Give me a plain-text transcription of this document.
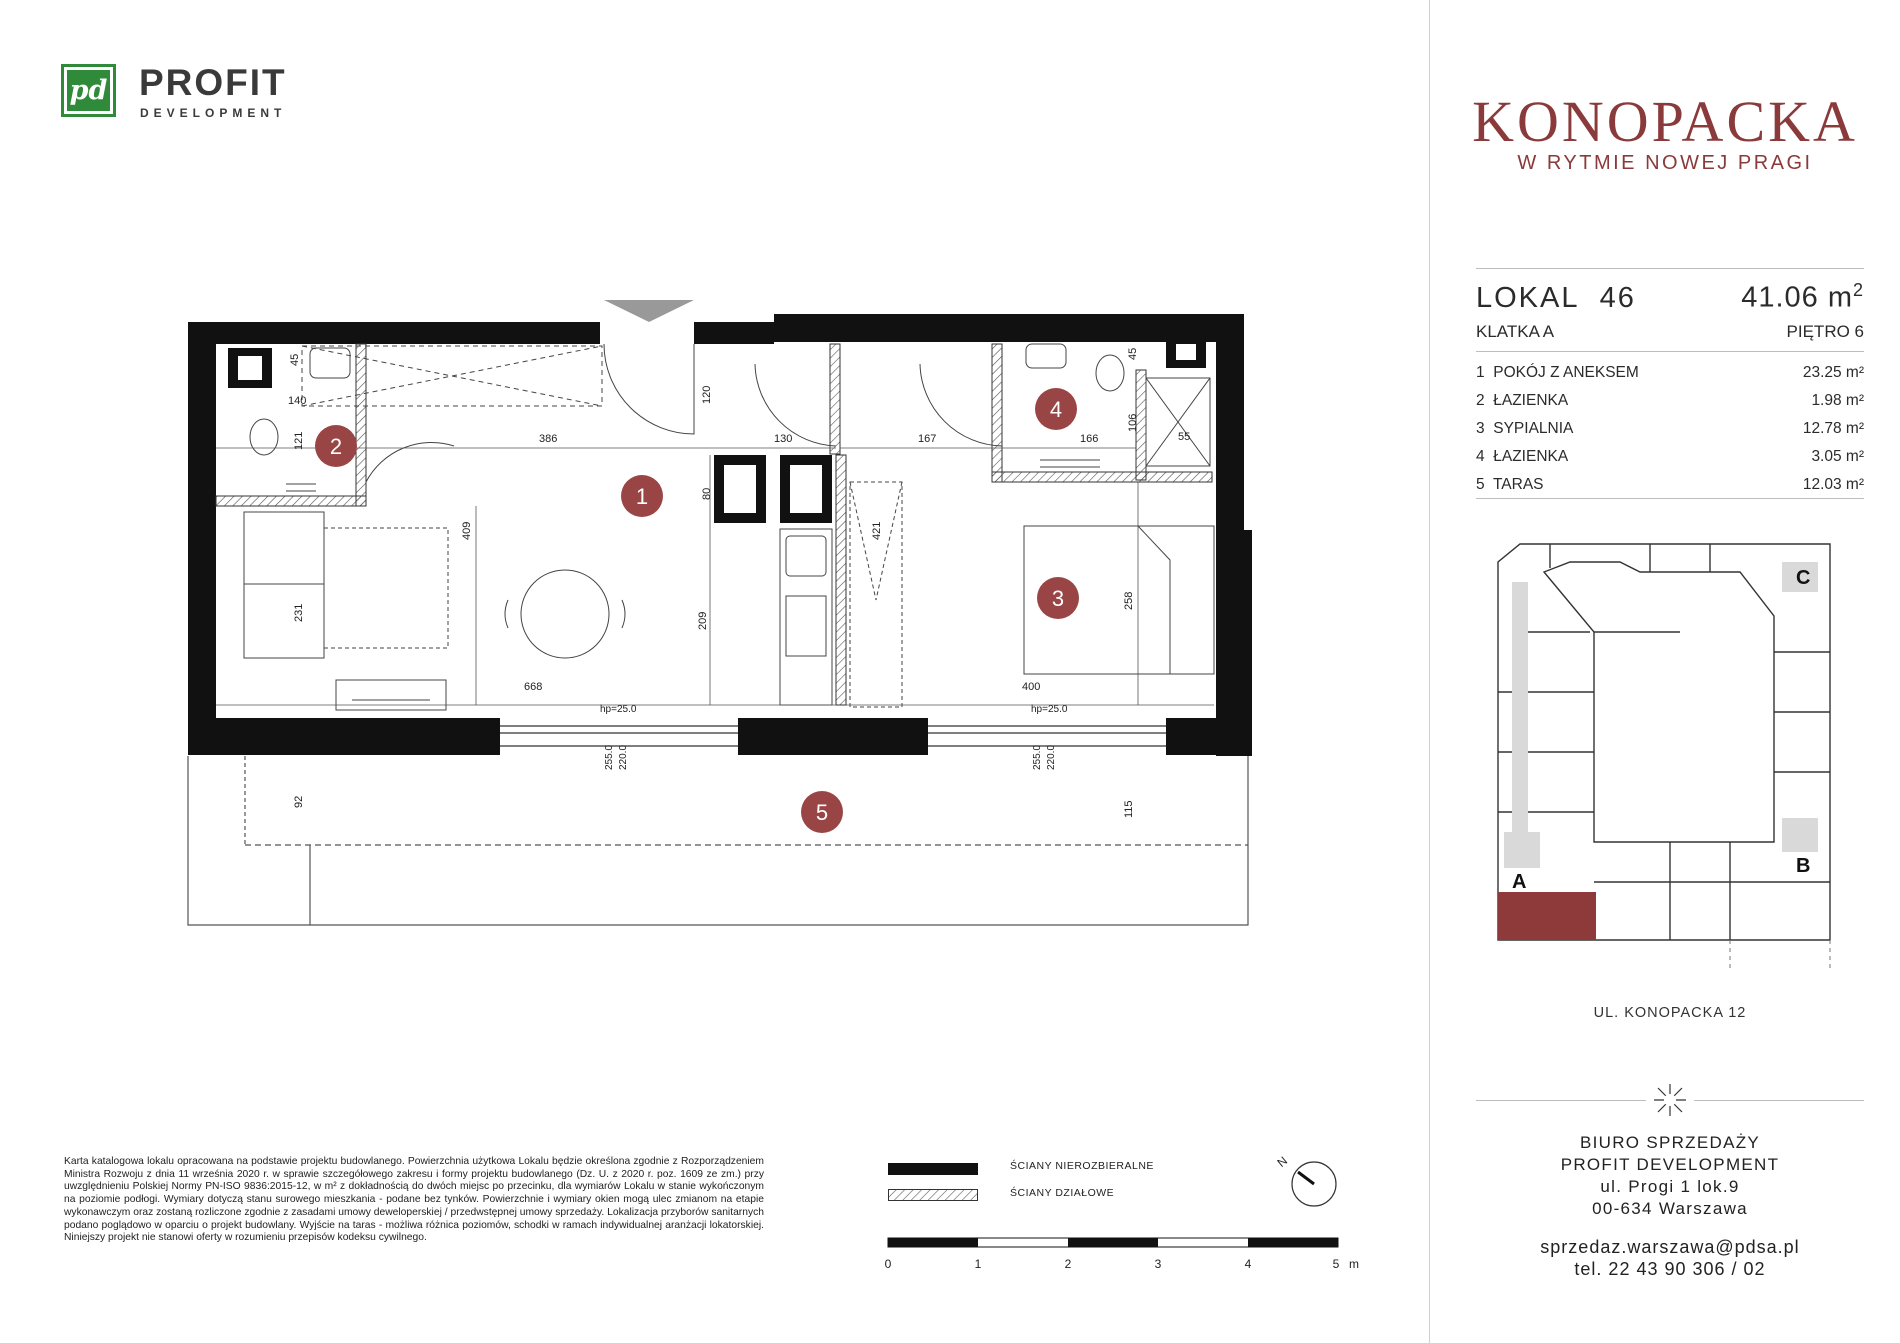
pd PROFIT
DEVELOPMENT
45
140
121	386
120
130	167	166
45
106
55
80
409	421
231	209
258
668	400
hp=25.0	hp=25.0
255.0 220.0	255.0 220.0
92	115
2
1
4
3
5
KONOPACKA
W RYTMIE NOWEJ PRAGI
LOKAL 46	41.06 $m^2$
KLATKA A	PIĘTRO 6
1 POKÓJ Z ANEKSEM	23.25 m²
2 ŁAZIENKA	1.98 m²
3 SYPIALNIA	12.78 m²
4 ŁAZIENKA	3.05 m²
5 TARAS	12.03 m²
A
B
C
UL. KONOPACKA 12
BIURO SPRZEDAŻY
PROFIT DEVELOPMENT
ul. Progi 1 lok.9
00-634 Warszawa
sprzedaz.warszawa@pdsa.pl
tel. 22 43 90 306 / 02
Karta katalogowa lokalu opracowana na podstawie projektu budowlanego. Powierzchnia użytkowa Lokalu będzie określona zgodnie z Rozporządzeniem Ministra Rozwoju z dnia 11 września 2020 r. w sprawie szczegółowego zakresu i formy projektu budowlanego (Dz. U. z 2020 r. poz. 1609 ze zm.) przy uwzględnieniu Polskiej Normy PN-ISO 9836:2015-12, w m² z dokładnością do dwóch miejsc po przecinku, dla wymiarów Lokalu w stanie wykończonym na poziomie podłogi. Wymiary dotyczą stanu surowego mieszkania - podane bez tynków. Powierzchnie i wymiary okien mogą ulec zmianom na etapie wykonawczym oraz zostaną rozliczone zgodnie z zasadami umowy deweloperskiej / przedwstępnej umowy sprzedaży. Lokalizacja przyborów sanitarnych podano poglądowo w oparciu o projekt budowlany. Wyjście na taras - możliwa różnica poziomów, schodki w ramach indywidualnej aranżacji lokatorskiej. Niniejszy projekt nie stanowi oferty w rozumieniu przepisów kodeksu cywilnego.
ŚCIANY NIEROZBIERALNE
ŚCIANY DZIAŁOWE
N
0	1	2	3	4	5 m
